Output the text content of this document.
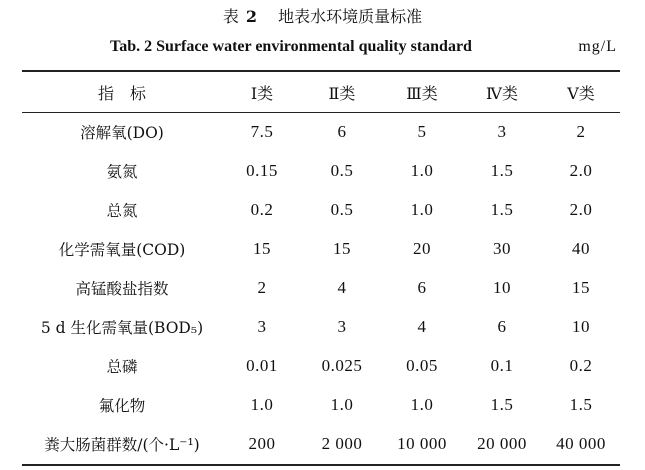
表 2 地表水环境质量标准
Tab. 2 Surface water environmental quality standard	mg/L
指　标	Ⅰ类	Ⅱ类	Ⅲ类	Ⅳ类	Ⅴ类
溶解氧(DO)	7.5	6	5	3	2
氨氮	0.15	0.5	1.0	1.5	2.0
总氮	0.2	0.5	1.0	1.5	2.0
化学需氧量(COD)	15	15	20	30	40
高锰酸盐指数	2	4	6	10	15
5 d 生化需氧量(BOD₅)	3	3	4	6	10
总磷	0.01	0.025	0.05	0.1	0.2
氟化物	1.0	1.0	1.0	1.5	1.5
粪大肠菌群数/(个·L⁻¹)	200	2 000	10 000	20 000	40 000
